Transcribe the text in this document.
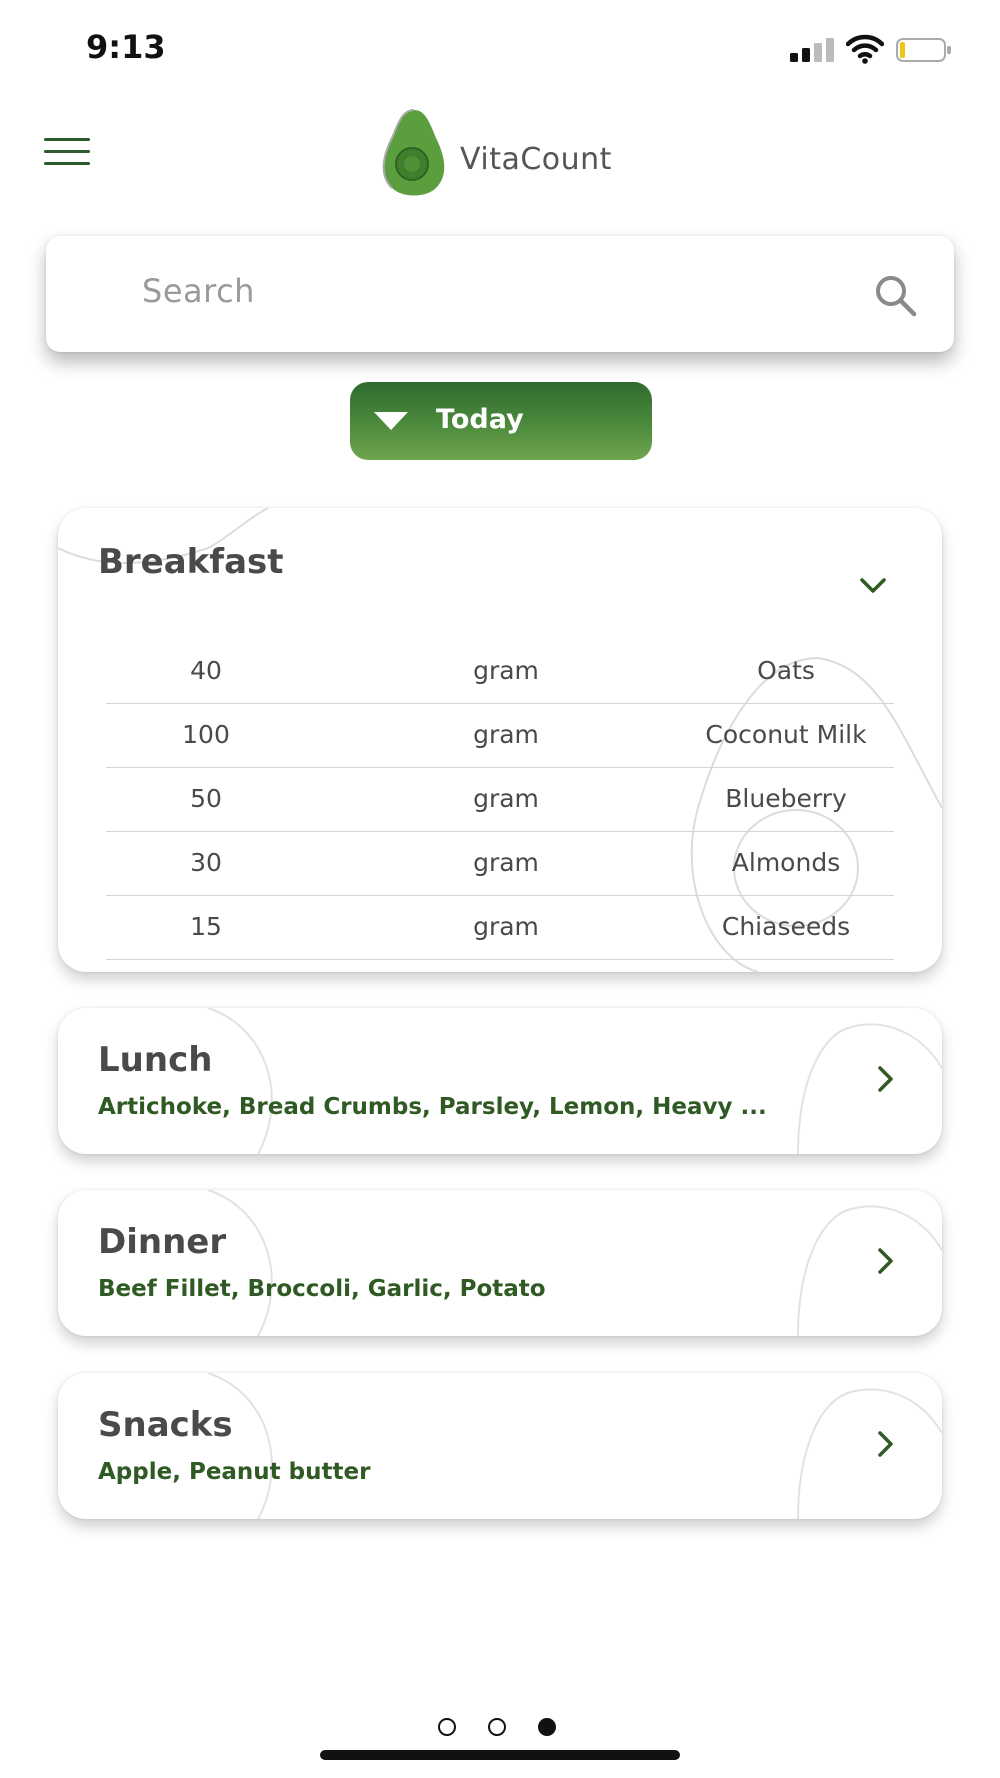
9:13
VitaCount
Search
Today
Breakfast
40	gram	Oats
100	gram	Coconut Milk
50	gram	Blueberry
30	gram	Almonds
15	gram	Chiaseeds
Lunch
Artichoke, Bread Crumbs, Parsley, Lemon, Heavy ...
Dinner
Beef Fillet, Broccoli, Garlic, Potato
Snacks
Apple, Peanut butter
